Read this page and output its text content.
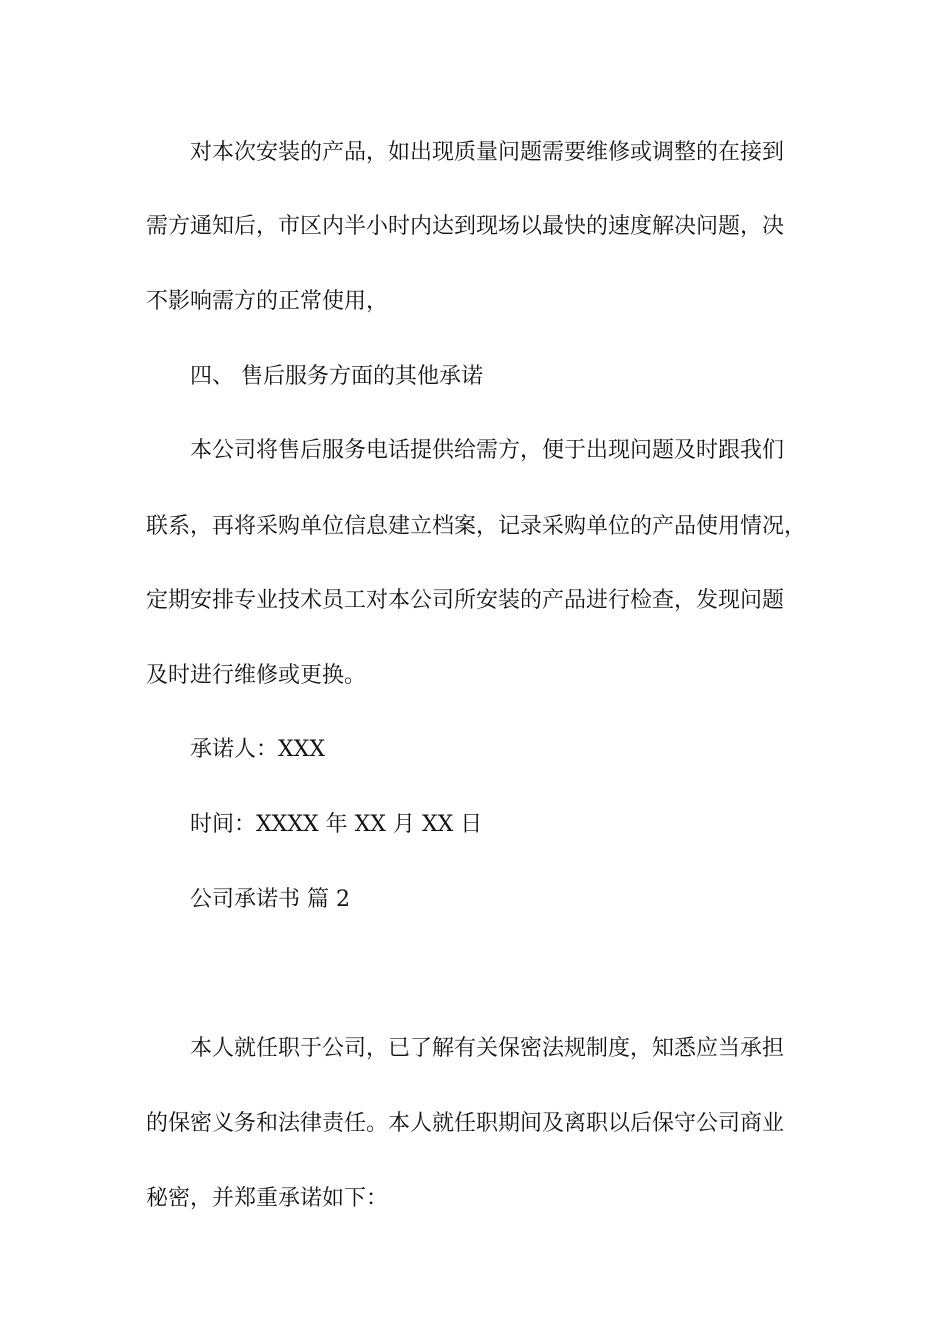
对本次安装的产品，如出现质量问题需要维修或调整的在接到
需方通知后，市区内半小时内达到现场以最快的速度解决问题，决
不影响需方的正常使用，
四、 售后服务方面的其他承诺
本公司将售后服务电话提供给需方，便于出现问题及时跟我们
联系，再将采购单位信息建立档案，记录采购单位的产品使用情况，
定期安排专业技术员工对本公司所安装的产品进行检查，发现问题
及时进行维修或更换。
承诺人：XXX
时间：XXXX 年 XX 月 XX 日
公司承诺书 篇 2
本人就任职于公司，已了解有关保密法规制度，知悉应当承担
的保密义务和法律责任。本人就任职期间及离职以后保守公司商业
秘密，并郑重承诺如下：
